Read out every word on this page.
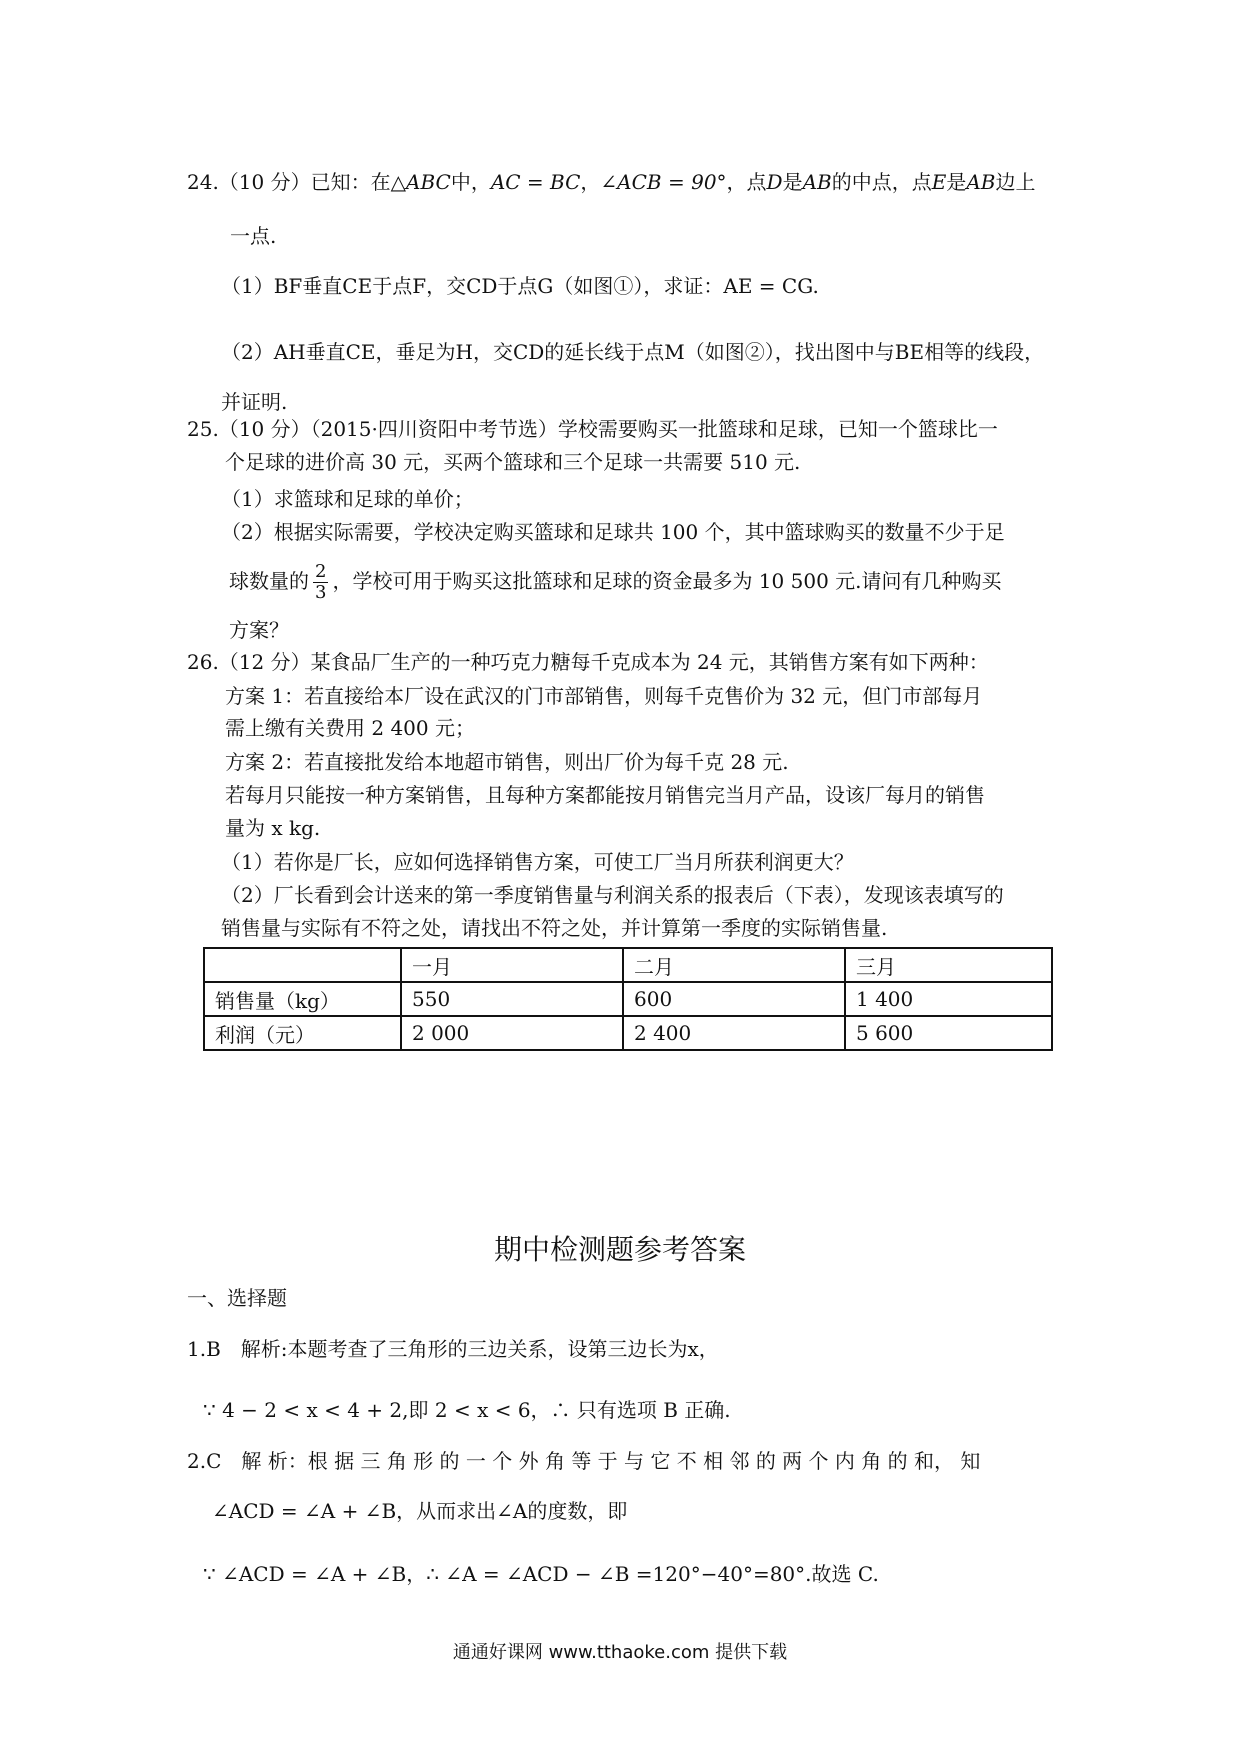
24.（10 分）已知：在△ABC中，AC = BC，∠ACB = 90°，点D是AB的中点，点E是AB边上
一点.
（1）BF垂直CE于点F，交CD于点G（如图①），求证：AE = CG.
（2）AH垂直CE，垂足为H，交CD的延长线于点M（如图②），找出图中与BE相等的线段，
并证明.
25.（10 分）（2015·四川资阳中考节选）学校需要购买一批篮球和足球，已知一个篮球比一
个足球的进价高 30 元，买两个篮球和三个足球一共需要 510 元.
（1）求篮球和足球的单价；
（2）根据实际需要，学校决定购买篮球和足球共 100 个，其中篮球购买的数量不少于足
球数量的 $\frac{2}{3}$ ，学校可用于购买这批篮球和足球的资金最多为 10 500 元.请问有几种购买
方案？
26.（12 分）某食品厂生产的一种巧克力糖每千克成本为 24 元，其销售方案有如下两种：
方案 1：若直接给本厂设在武汉的门市部销售，则每千克售价为 32 元，但门市部每月
需上缴有关费用 2 400 元；
方案 2：若直接批发给本地超市销售，则出厂价为每千克 28 元.
若每月只能按一种方案销售，且每种方案都能按月销售完当月产品，设该厂每月的销售
量为 x kg.
（1）若你是厂长，应如何选择销售方案，可使工厂当月所获利润更大？
（2）厂长看到会计送来的第一季度销售量与利润关系的报表后（下表），发现该表填写的
销售量与实际有不符之处，请找出不符之处，并计算第一季度的实际销售量.
	一月	二月	三月
销售量（kg）	550	600	1 400
利润（元）	2 000	2 400	5 600
期中检测题参考答案
一、选择题
1.B　解析:本题考查了三角形的三边关系，设第三边长为x，
∵ 4 − 2 < x < 4 + 2,即 2 < x < 6，∴ 只有选项 B 正确.
2.C　解 析：根 据 三 角 形 的 一 个 外 角 等 于 与 它 不 相 邻 的 两 个 内 角 的 和， 知
∠ACD = ∠A + ∠B，从而求出∠A的度数，即
∵ ∠ACD = ∠A + ∠B，∴ ∠A = ∠ACD − ∠B =120°−40°=80°.故选 C.
通通好课网 www.tthaoke.com 提供下载
